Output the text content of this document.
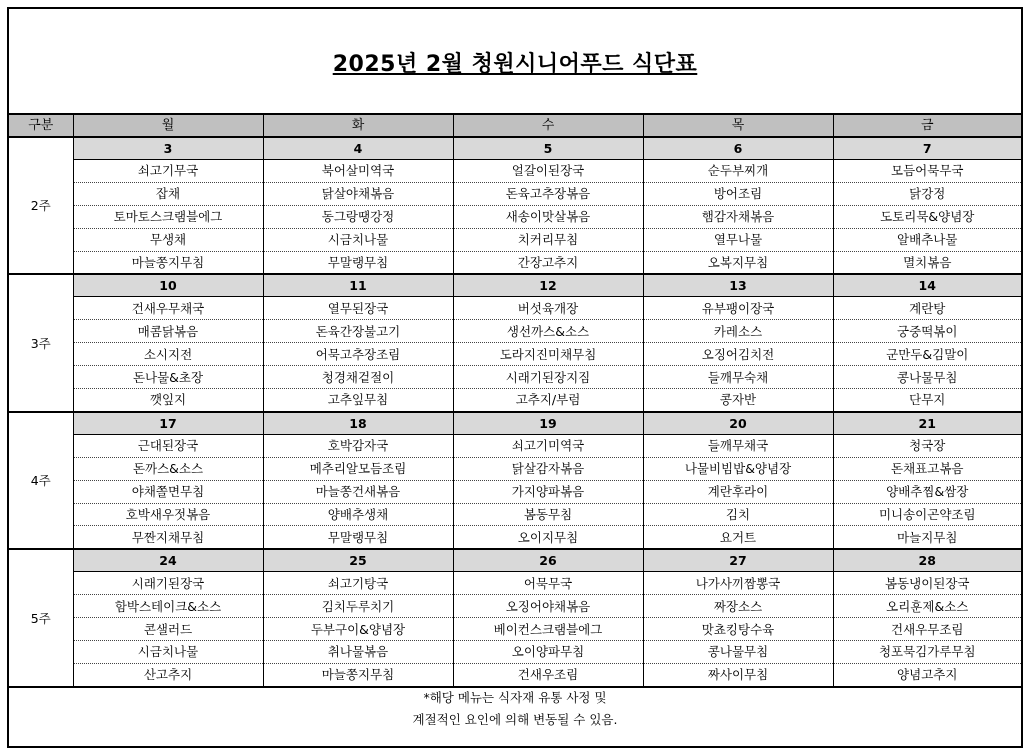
2025년 2월 청원시니어푸드 식단표
구분	월	화	수	목	금
2주	3	4	5	6	7
	쇠고기무국	북어살미역국	얼갈이된장국	순두부찌개	모듬어묵무국
	잡채	닭살야채볶음	돈육고추장볶음	방어조림	닭강정
	토마토스크램블에그	동그랑땡강정	새송이맛살볶음	햄감자채볶음	도토리묵&양념장
	무생채	시금치나물	치커리무침	열무나물	알배추나물
	마늘쫑지무침	무말랭무침	간장고추지	오복지무침	멸치볶음
3주	10	11	12	13	14
	건새우무채국	열무된장국	버섯육개장	유부팽이장국	계란탕
	매콤닭볶음	돈육간장불고기	생선까스&소스	카레소스	궁중떡볶이
	소시지전	어묵고추장조림	도라지진미채무침	오징어김치전	군만두&김말이
	돈나물&초장	청경채겉절이	시래기된장지짐	들깨무숙채	콩나물무침
	깻잎지	고추잎무침	고추지/부럼	콩자반	단무지
4주	17	18	19	20	21
	근대된장국	호박감자국	쇠고기미역국	들깨무채국	청국장
	돈까스&소스	메추리알모듬조림	닭살감자볶음	나물비빔밥&양념장	돈채표고볶음
	야채쫄면무침	마늘쫑건새볶음	가지양파볶음	계란후라이	양배추찜&쌈장
	호박새우젓볶음	양배추생채	봄동무침	김치	미니송이곤약조림
	무짠지채무침	무말랭무침	오이지무침	요거트	마늘지무침
5주	24	25	26	27	28
	시래기된장국	쇠고기탕국	어묵무국	나가사끼짬뽕국	봄동냉이된장국
	함박스테이크&소스	김치두루치기	오징어야채볶음	짜장소스	오리훈제&소스
	콘샐러드	두부구이&양념장	베이컨스크램블에그	맛쵸킹탕수육	건새우무조림
	시금치나물	취나물볶음	오이양파무침	콩나물무침	청포묵김가루무침
	산고추지	마늘쫑지무침	건새우조림	짜사이무침	양념고추지
*해당 메뉴는 식자재 유통 사정 및
계절적인 요인에 의해 변동될 수 있음.
